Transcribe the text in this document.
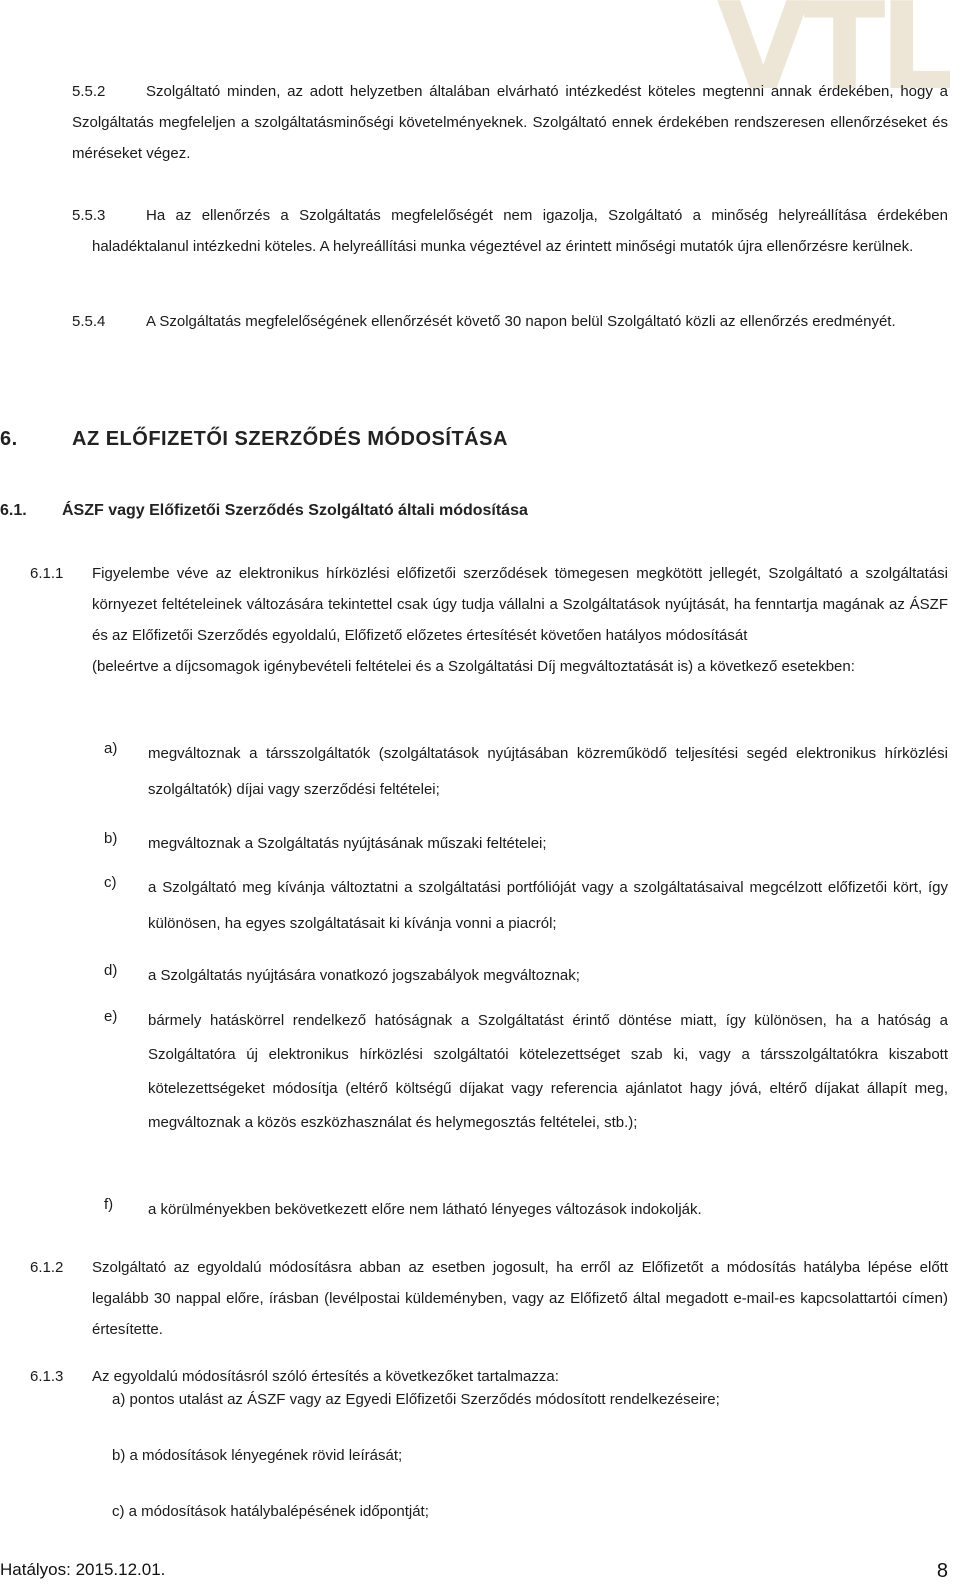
VTL
5.5.2	Szolgáltató minden, az adott helyzetben általában elvárható intézkedést köteles megtenni annak érdekében, hogy a Szolgáltatás megfeleljen a szolgáltatásminőségi követelményeknek. Szolgáltató ennek érdekében rendszeresen ellenőrzéseket és méréseket végez.
5.5.3	Ha az ellenőrzés a Szolgáltatás megfelelőségét nem igazolja, Szolgáltató a minőség helyreállítása érdekében haladéktalanul intézkedni köteles. A helyreállítási munka végeztével az érintett minőségi mutatók újra ellenőrzésre kerülnek.
5.5.4	A Szolgáltatás megfelelőségének ellenőrzését követő 30 napon belül Szolgáltató közli az ellenőrzés eredményét.
6.	AZ ELŐFIZETŐI SZERZŐDÉS MÓDOSÍTÁSA
6.1. ÁSZF vagy Előfizetői Szerződés Szolgáltató általi módosítása
6.1.1 Figyelembe véve az elektronikus hírközlési előfizetői szerződések tömegesen megkötött jellegét, Szolgáltató a szolgáltatási környezet feltételeinek változására tekintettel csak úgy tudja vállalni a Szolgáltatások nyújtását, ha fenntartja magának az ÁSZF és az Előfizetői Szerződés egyoldalú, Előfizető előzetes értesítését követően hatályos módosítását
(beleértve a díjcsomagok igénybevételi feltételei és a Szolgáltatási Díj megváltoztatását is) a következő esetekben:
a) megváltoznak a társszolgáltatók (szolgáltatások nyújtásában közreműködő teljesítési segéd elektronikus hírközlési szolgáltatók) díjai vagy szerződési feltételei;
b) megváltoznak a Szolgáltatás nyújtásának műszaki feltételei;
c) a Szolgáltató meg kívánja változtatni a szolgáltatási portfólióját vagy a szolgáltatásaival megcélzott előfizetői kört, így különösen, ha egyes szolgáltatásait ki kívánja vonni a piacról;
d) a Szolgáltatás nyújtására vonatkozó jogszabályok megváltoznak;
e) bármely hatáskörrel rendelkező hatóságnak a Szolgáltatást érintő döntése miatt, így különösen, ha a hatóság a Szolgáltatóra új elektronikus hírközlési szolgáltatói kötelezettséget szab ki, vagy a társszolgáltatókra kiszabott kötelezettségeket módosítja (eltérő költségű díjakat vagy referencia ajánlatot hagy jóvá, eltérő díjakat állapít meg, megváltoznak a közös eszközhasználat és helymegosztás feltételei, stb.);
f) a körülményekben bekövetkezett előre nem látható lényeges változások indokolják.
6.1.2 Szolgáltató az egyoldalú módosításra abban az esetben jogosult, ha erről az Előfizetőt a módosítás hatályba lépése előtt legalább 30 nappal előre, írásban (levélpostai küldeményben, vagy az Előfizető által megadott e-mail-es kapcsolattartói címen) értesítette.
6.1.3 Az egyoldalú módosításról szóló értesítés a következőket tartalmazza:
a) pontos utalást az ÁSZF vagy az Egyedi Előfizetői Szerződés módosított rendelkezéseire;
b) a módosítások lényegének rövid leírását;
c) a módosítások hatálybalépésének időpontját;
Hatályos: 2015.12.01.	8
